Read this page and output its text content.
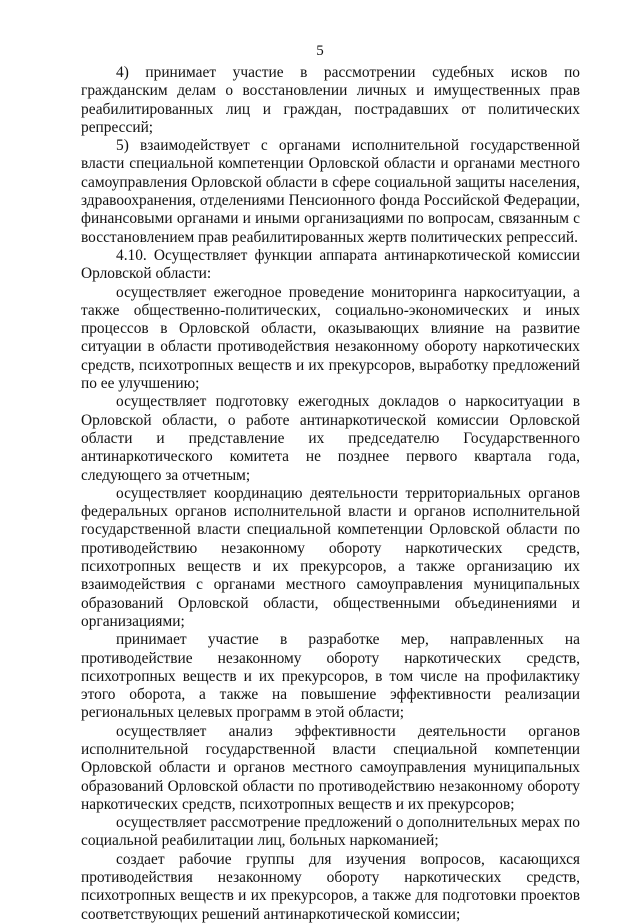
5

4) принимает участие в рассмотрении судебных исков по гражданским делам о восстановлении личных и имущественных прав реабилитированных лиц и граждан, пострадавших от политических репрессий;

5) взаимодействует с органами исполнительной государственной власти специальной компетенции Орловской области и органами местного самоуправления Орловской области в сфере социальной защиты населения, здравоохранения, отделениями Пенсионного фонда Российской Федерации, финансовыми органами и иными организациями по вопросам, связанным с восстановлением прав реабилитированных жертв политических репрессий.

4.10. Осуществляет функции аппарата антинаркотической комиссии Орловской области:

осуществляет ежегодное проведение мониторинга наркоситуации, а также общественно-политических, социально-экономических и иных процессов в Орловской области, оказывающих влияние на развитие ситуации в области противодействия незаконному обороту наркотических средств, психотропных веществ и их прекурсоров, выработку предложений по ее улучшению;

осуществляет подготовку ежегодных докладов о наркоситуации в Орловской области, о работе антинаркотической комиссии Орловской области и представление их председателю Государственного антинаркотического комитета не позднее первого квартала года, следующего за отчетным;

осуществляет координацию деятельности территориальных органов федеральных органов исполнительной власти и органов исполнительной государственной власти специальной компетенции Орловской области по противодействию незаконному обороту наркотических средств, психотропных веществ и их прекурсоров, а также организацию их взаимодействия с органами местного самоуправления муниципальных образований Орловской области, общественными объединениями и организациями;

принимает участие в разработке мер, направленных на противодействие незаконному обороту наркотических средств, психотропных веществ и их прекурсоров, в том числе на профилактику этого оборота, а также на повышение эффективности реализации региональных целевых программ в этой области;

осуществляет анализ эффективности деятельности органов исполнительной государственной власти специальной компетенции Орловской области и органов местного самоуправления муниципальных образований Орловской области по противодействию незаконному обороту наркотических средств, психотропных веществ и их прекурсоров;

осуществляет рассмотрение предложений о дополнительных мерах по социальной реабилитации лиц, больных наркоманией;

создает рабочие группы для изучения вопросов, касающихся противодействия незаконному обороту наркотических средств, психотропных веществ и их прекурсоров, а также для подготовки проектов соответствующих решений антинаркотической комиссии;
